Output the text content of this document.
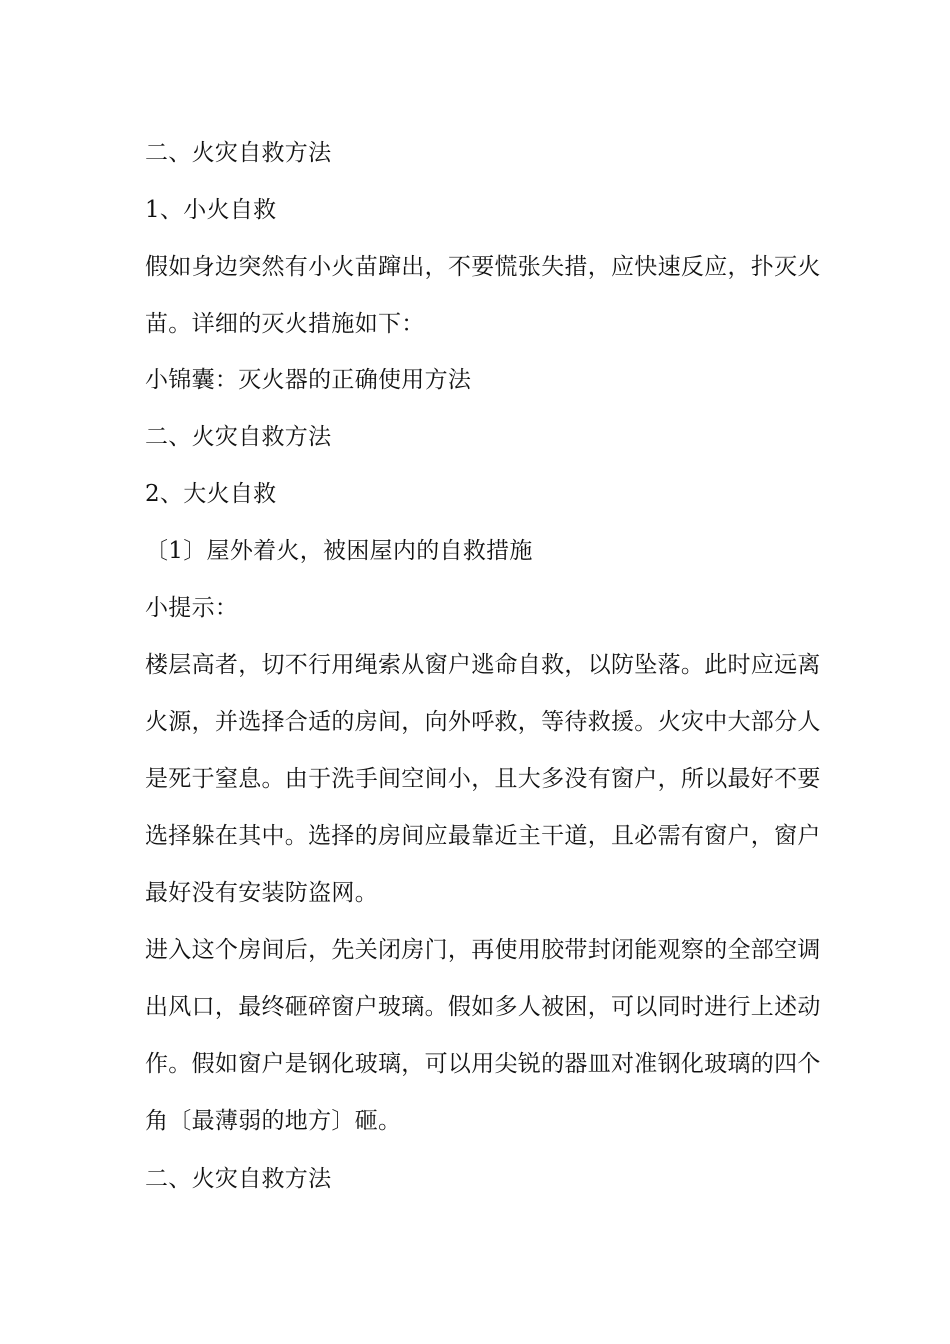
二、火灾自救方法
1、小火自救
假如身边突然有小火苗蹿出，不要慌张失措，应快速反应，扑灭火
苗。详细的灭火措施如下：
小锦囊：灭火器的正确使用方法
二、火灾自救方法
2、大火自救
〔1〕屋外着火，被困屋内的自救措施
小提示：
楼层高者，切不行用绳索从窗户逃命自救，以防坠落。此时应远离
火源，并选择合适的房间，向外呼救，等待救援。火灾中大部分人
是死于窒息。由于洗手间空间小，且大多没有窗户，所以最好不要
选择躲在其中。选择的房间应最靠近主干道，且必需有窗户，窗户
最好没有安装防盗网。
进入这个房间后，先关闭房门，再使用胶带封闭能观察的全部空调
出风口，最终砸碎窗户玻璃。假如多人被困，可以同时进行上述动
作。假如窗户是钢化玻璃，可以用尖锐的器皿对准钢化玻璃的四个
角〔最薄弱的地方〕砸。
二、火灾自救方法
